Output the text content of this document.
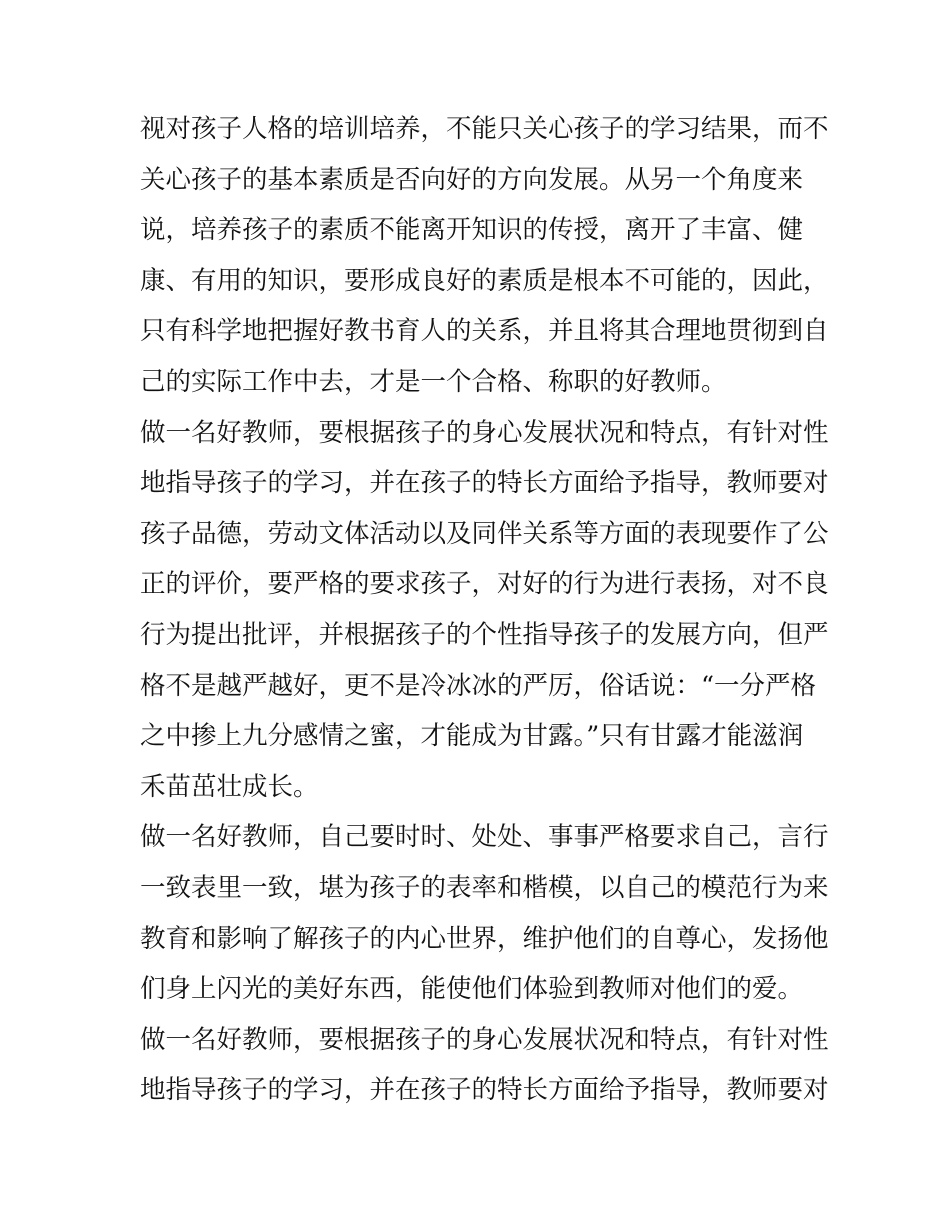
视对孩子人格的培训培养，不能只关心孩子的学习结果，而不
关心孩子的基本素质是否向好的方向发展。从另一个角度来
说，培养孩子的素质不能离开知识的传授，离开了丰富、健
康、有用的知识，要形成良好的素质是根本不可能的，因此，
只有科学地把握好教书育人的关系，并且将其合理地贯彻到自
己的实际工作中去，才是一个合格、称职的好教师。
做一名好教师，要根据孩子的身心发展状况和特点，有针对性
地指导孩子的学习，并在孩子的特长方面给予指导，教师要对
孩子品德，劳动文体活动以及同伴关系等方面的表现要作了公
正的评价，要严格的要求孩子，对好的行为进行表扬，对不良
行为提出批评，并根据孩子的个性指导孩子的发展方向，但严
格不是越严越好，更不是冷冰冰的严厉，俗话说：“一分严格
之中掺上九分感情之蜜，才能成为甘露。”只有甘露才能滋润
禾苗茁壮成长。
做一名好教师，自己要时时、处处、事事严格要求自己，言行
一致表里一致，堪为孩子的表率和楷模，以自己的模范行为来
教育和影响了解孩子的内心世界，维护他们的自尊心，发扬他
们身上闪光的美好东西，能使他们体验到教师对他们的爱。
做一名好教师，要根据孩子的身心发展状况和特点，有针对性
地指导孩子的学习，并在孩子的特长方面给予指导，教师要对
